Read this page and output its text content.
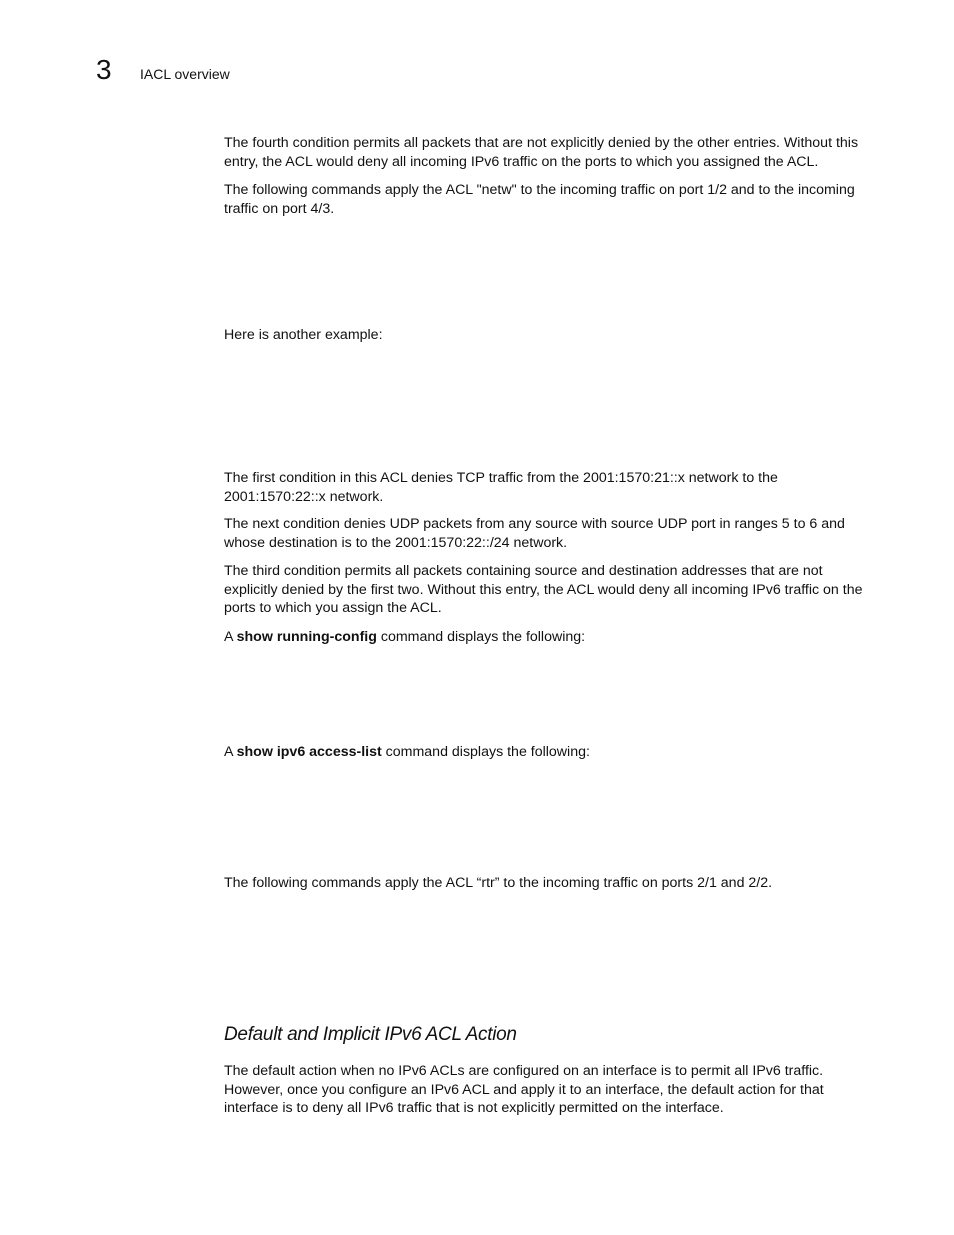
3 IACL overview

The fourth condition permits all packets that are not explicitly denied by the other entries. Without this entry, the ACL would deny all incoming IPv6 traffic on the ports to which you assigned the ACL.

The following commands apply the ACL "netw" to the incoming traffic on port 1/2 and to the incoming traffic on port 4/3.

Here is another example:

The first condition in this ACL denies TCP traffic from the 2001:1570:21::x network to the 2001:1570:22::x network.

The next condition denies UDP packets from any source with source UDP port in ranges 5 to 6 and whose destination is to the 2001:1570:22::/24 network.

The third condition permits all packets containing source and destination addresses that are not explicitly denied by the first two. Without this entry, the ACL would deny all incoming IPv6 traffic on the ports to which you assign the ACL.

A show running-config command displays the following:

A show ipv6 access-list command displays the following:

The following commands apply the ACL “rtr” to the incoming traffic on ports 2/1 and 2/2.

Default and Implicit IPv6 ACL Action

The default action when no IPv6 ACLs are configured on an interface is to permit all IPv6 traffic. However, once you configure an IPv6 ACL and apply it to an interface, the default action for that interface is to deny all IPv6 traffic that is not explicitly permitted on the interface.
